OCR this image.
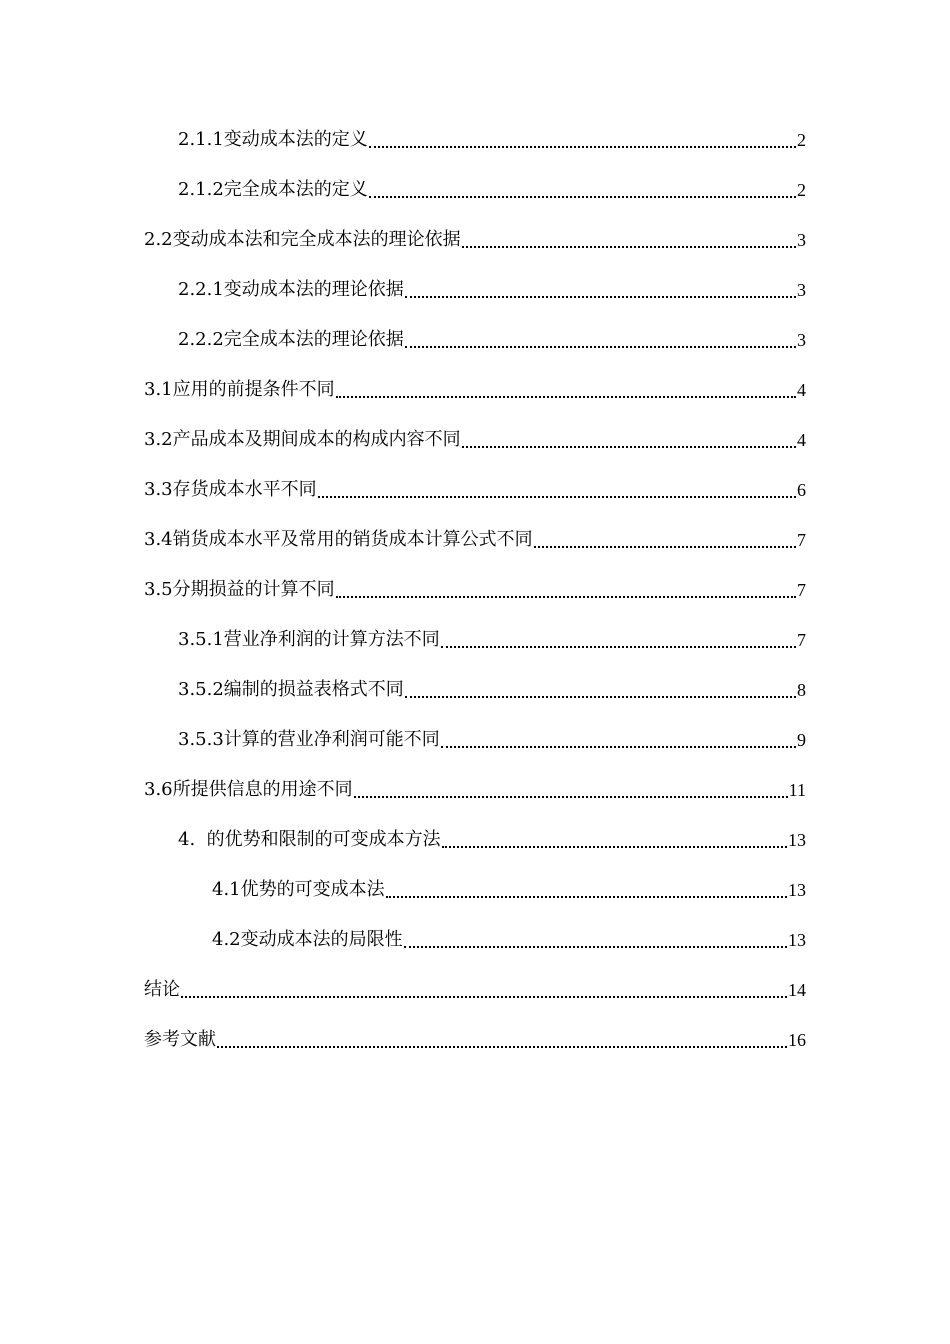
2.1.1变动成本法的定义	2
2.1.2完全成本法的定义	2
2.2变动成本法和完全成本法的理论依据	3
2.2.1变动成本法的理论依据	3
2.2.2完全成本法的理论依据	3
3.1应用的前提条件不同	4
3.2产品成本及期间成本的构成内容不同	4
3.3存货成本水平不同	6
3.4销货成本水平及常用的销货成本计算公式不同	7
3.5分期损益的计算不同	7
3.5.1营业净利润的计算方法不同	7
3.5.2编制的损益表格式不同	8
3.5.3计算的营业净利润可能不同	9
3.6所提供信息的用途不同	11
4.  的优势和限制的可变成本方法	13
4.1优势的可变成本法	13
4.2变动成本法的局限性	13
结论	14
参考文献	16
